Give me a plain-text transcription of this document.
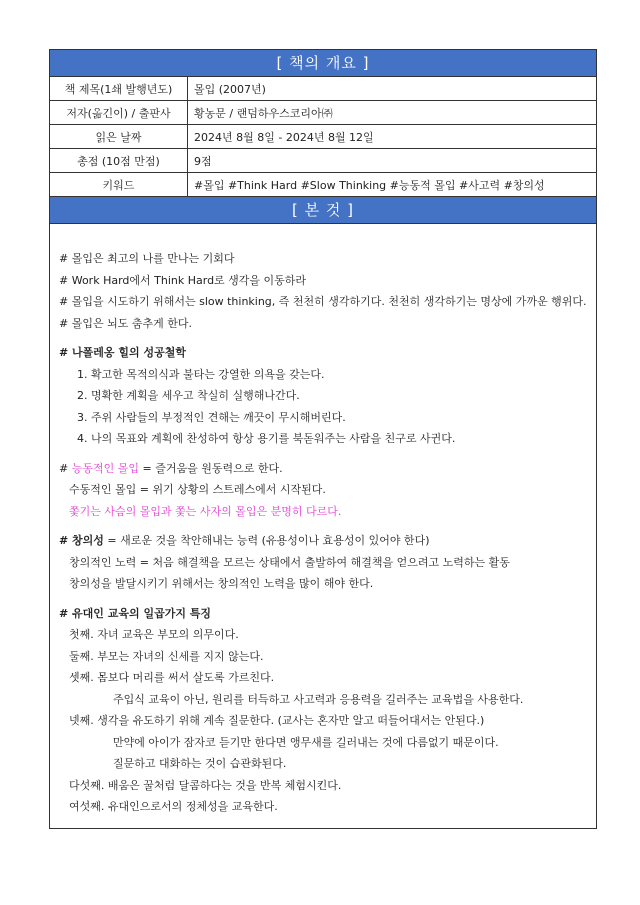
[ 책의 개요 ]
책 제목(1쇄 발행년도)	몰입 (2007년)
저자(옮긴이) / 출판사	황농문 / 랜덤하우스코리아㈜
읽은 날짜	2024년 8월 8일 - 2024년 8월 12일
총점 (10점 만점)	9점
키워드	#몰입 #Think Hard #Slow Thinking #능동적 몰입 #사고력 #창의성
[ 본 것 ]

# 몰입은 최고의 나를 만나는 기회다

# Work Hard에서 Think Hard로 생각을 이동하라

# 몰입을 시도하기 위해서는 slow thinking, 즉 천천히 생각하기다. 천천히 생각하기는 명상에 가까운 행위다.

# 몰입은 뇌도 춤추게 한다.

# 나폴레옹 힐의 성공철학

1. 확고한 목적의식과 불타는 강열한 의욕을 갖는다.

2. 명확한 계획을 세우고 착실히 실행해나간다.

3. 주위 사람들의 부정적인 견해는 깨끗이 무시해버린다.

4. 나의 목표와 계획에 찬성하여 항상 용기를 북돋워주는 사람을 친구로 사귄다.

# 능동적인 몰입 = 즐거움을 원동력으로 한다.

수동적인 몰입 = 위기 상황의 스트레스에서 시작된다.

쫓기는 사슴의 몰입과 쫓는 사자의 몰입은 분명히 다르다.

# 창의성 = 새로운 것을 착안해내는 능력 (유용성이나 효용성이 있어야 한다)

창의적인 노력 = 처음 해결책을 모르는 상태에서 출발하여 해결책을 얻으려고 노력하는 활동

창의성을 발달시키기 위해서는 창의적인 노력을 많이 해야 한다.

# 유대인 교육의 일곱가지 특징

첫째. 자녀 교육은 부모의 의무이다.

둘째. 부모는 자녀의 신세를 지지 않는다.

셋째. 몸보다 머리를 써서 살도록 가르친다.

주입식 교육이 아닌, 원리를 터득하고 사고력과 응용력을 길러주는 교육법을 사용한다.

넷째. 생각을 유도하기 위해 계속 질문한다. (교사는 혼자만 알고 떠들어대서는 안된다.)

만약에 아이가 잠자코 듣기만 한다면 앵무새를 길러내는 것에 다름없기 때문이다.

질문하고 대화하는 것이 습관화된다.

다섯째. 배움은 꿀처럼 달콤하다는 것을 반복 체험시킨다.

여섯째. 유대인으로서의 정체성을 교육한다.
